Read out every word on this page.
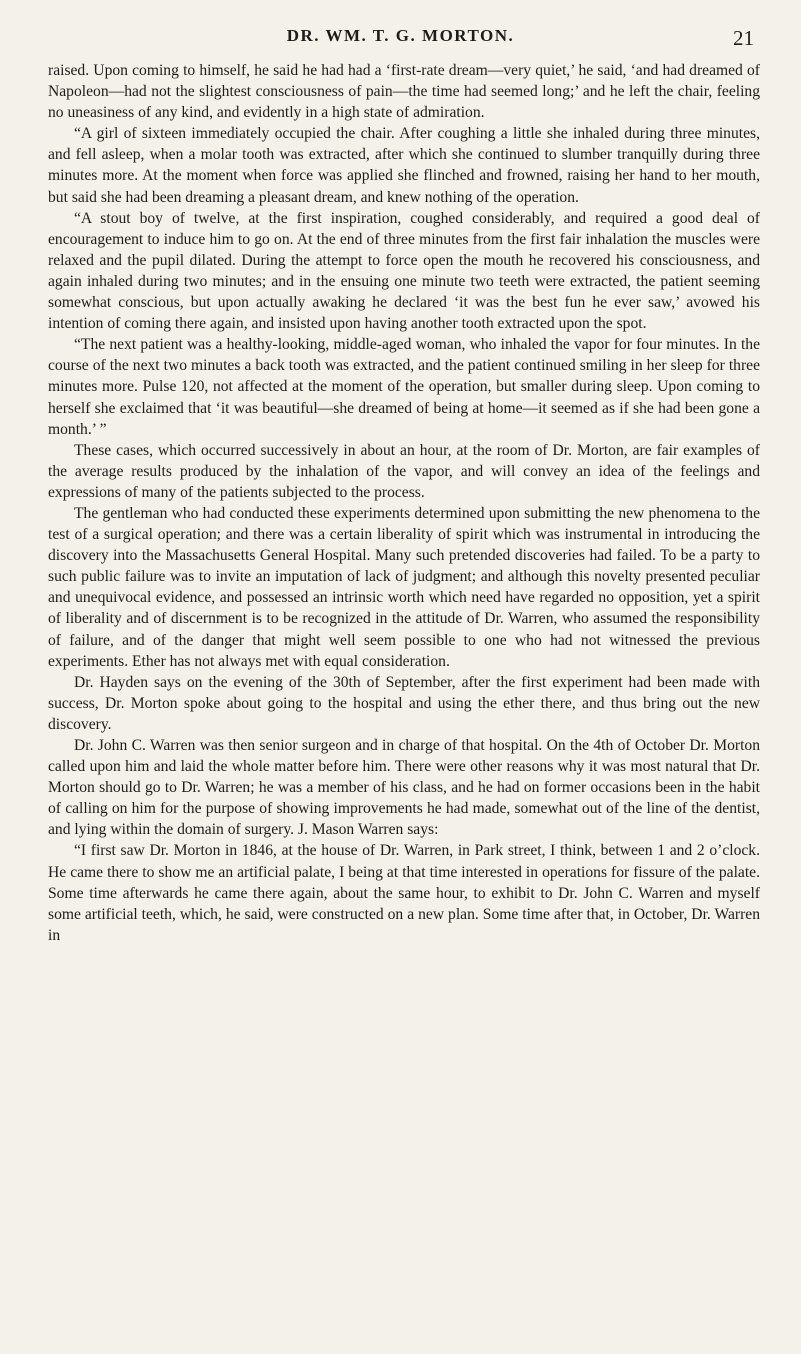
DR. WM. T. G. MORTON.	21

raised. Upon coming to himself, he said he had had a ‘first-rate dream—very quiet,’ he said, ‘and had dreamed of Napoleon—had not the slightest consciousness of pain—the time had seemed long;’ and he left the chair, feeling no uneasiness of any kind, and evidently in a high state of admiration.

“A girl of sixteen immediately occupied the chair. After coughing a little she inhaled during three minutes, and fell asleep, when a molar tooth was extracted, after which she continued to slumber tranquilly during three minutes more. At the moment when force was applied she flinched and frowned, raising her hand to her mouth, but said she had been dreaming a pleasant dream, and knew nothing of the operation.

“A stout boy of twelve, at the first inspiration, coughed considerably, and required a good deal of encouragement to induce him to go on. At the end of three minutes from the first fair inhalation the muscles were relaxed and the pupil dilated. During the attempt to force open the mouth he recovered his consciousness, and again inhaled during two minutes; and in the ensuing one minute two teeth were extracted, the patient seeming somewhat conscious, but upon actually awaking he declared ‘it was the best fun he ever saw,’ avowed his intention of coming there again, and insisted upon having another tooth extracted upon the spot.

“The next patient was a healthy-looking, middle-aged woman, who inhaled the vapor for four minutes. In the course of the next two minutes a back tooth was extracted, and the patient continued smiling in her sleep for three minutes more. Pulse 120, not affected at the moment of the operation, but smaller during sleep. Upon coming to herself she exclaimed that ‘it was beautiful—she dreamed of being at home—it seemed as if she had been gone a month.’ ”

These cases, which occurred successively in about an hour, at the room of Dr. Morton, are fair examples of the average results produced by the inhalation of the vapor, and will convey an idea of the feelings and expressions of many of the patients subjected to the process.

The gentleman who had conducted these experiments determined upon submitting the new phenomena to the test of a surgical operation; and there was a certain liberality of spirit which was instrumental in introducing the discovery into the Massachusetts General Hospital. Many such pretended discoveries had failed. To be a party to such public failure was to invite an imputation of lack of judgment; and although this novelty presented peculiar and unequivocal evidence, and possessed an intrinsic worth which need have regarded no opposition, yet a spirit of liberality and of discernment is to be recognized in the attitude of Dr. Warren, who assumed the responsibility of failure, and of the danger that might well seem possible to one who had not witnessed the previous experiments. Ether has not always met with equal consideration.

Dr. Hayden says on the evening of the 30th of September, after the first experiment had been made with success, Dr. Morton spoke about going to the hospital and using the ether there, and thus bring out the new discovery.

Dr. John C. Warren was then senior surgeon and in charge of that hospital. On the 4th of October Dr. Morton called upon him and laid the whole matter before him. There were other reasons why it was most natural that Dr. Morton should go to Dr. Warren; he was a member of his class, and he had on former occasions been in the habit of calling on him for the purpose of showing improvements he had made, somewhat out of the line of the dentist, and lying within the domain of surgery. J. Mason Warren says:

“I first saw Dr. Morton in 1846, at the house of Dr. Warren, in Park street, I think, between 1 and 2 o’clock. He came there to show me an artificial palate, I being at that time interested in operations for fissure of the palate. Some time afterwards he came there again, about the same hour, to exhibit to Dr. John C. Warren and myself some artificial teeth, which, he said, were constructed on a new plan. Some time after that, in October, Dr. Warren in
